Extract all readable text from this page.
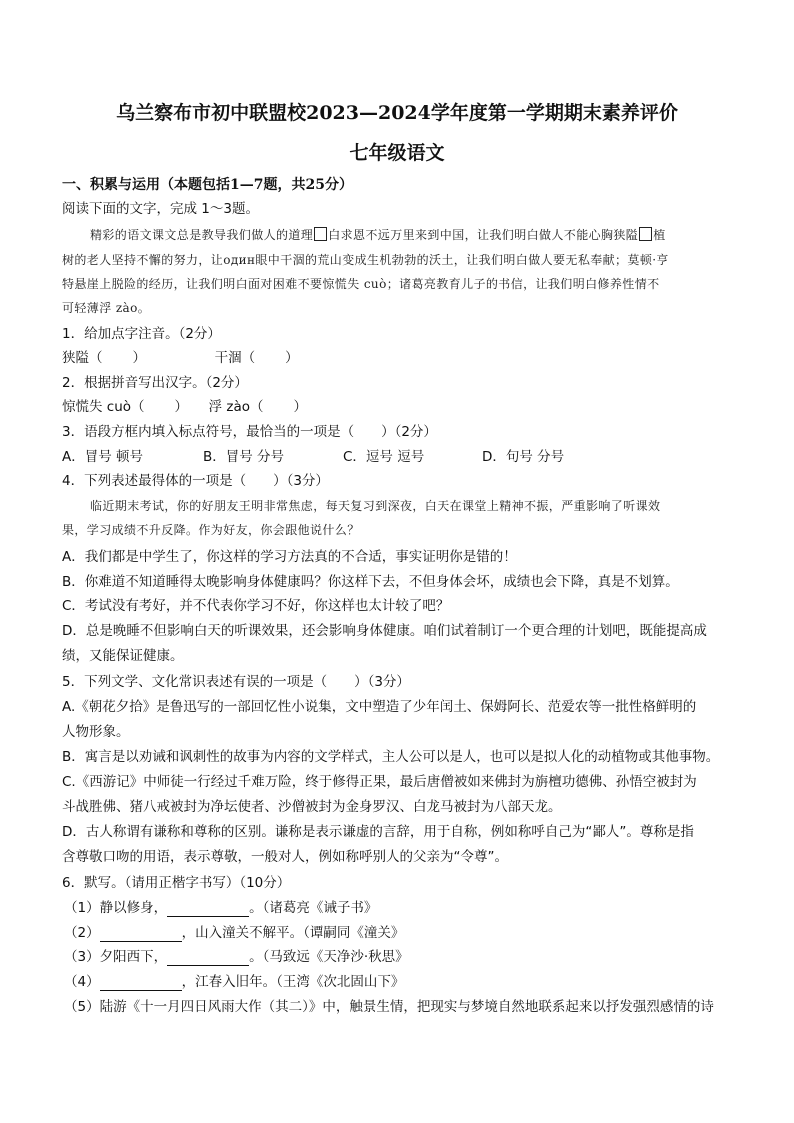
乌兰察布市初中联盟校2023—2024学年度第一学期期末素养评价
七年级语文
一、积累与运用（本题包括1—7题，共25分）
阅读下面的文字，完成 1～3题。
精彩的语文课文总是教导我们做人的道理 白求恩不远万里来到中国，让我们明白做人不能心胸狭隘 植
树的老人坚持不懈的努力，让один眼中干涸的荒山变成生机勃勃的沃土，让我们明白做人要无私奉献；莫顿·亨
特悬崖上脱险的经历，让我们明白面对困难不要惊慌失 cuò；诸葛亮教育儿子的书信，让我们明白修养性情不
可轻薄浮 zào。
1．给加点字注音。（2分）
狭隘（ ）	干涸（ ）
2．根据拼音写出汉字。（2分）
惊慌失 cuò（ ） 浮 zào（ ）
3．语段方框内填入标点符号，最恰当的一项是（　　）（2分）
A．冒号 顿号	B．冒号 分号	C．逗号 逗号	D．句号 分号
4．下列表述最得体的一项是（　　）（3分）
临近期末考试，你的好朋友王明非常焦虑，每天复习到深夜，白天在课堂上精神不振，严重影响了听课效
果，学习成绩不升反降。作为好友，你会跟他说什么？
A．我们都是中学生了，你这样的学习方法真的不合适，事实证明你是错的！
B．你难道不知道睡得太晚影响身体健康吗？你这样下去，不但身体会坏，成绩也会下降，真是不划算。
C．考试没有考好，并不代表你学习不好，你这样也太计较了吧？
D．总是晚睡不但影响白天的听课效果，还会影响身体健康。咱们试着制订一个更合理的计划吧，既能提高成
绩，又能保证健康。
5．下列文学、文化常识表述有误的一项是（　　）（3分）
A.《朝花夕拾》是鲁迅写的一部回忆性小说集，文中塑造了少年闰土、保姆阿长、范爱农等一批性格鲜明的
人物形象。
B．寓言是以劝诫和讽刺性的故事为内容的文学样式，主人公可以是人，也可以是拟人化的动植物或其他事物。
C.《西游记》中师徒一行经过千难万险，终于修得正果，最后唐僧被如来佛封为旃檀功德佛、孙悟空被封为
斗战胜佛、猪八戒被封为净坛使者、沙僧被封为金身罗汉、白龙马被封为八部天龙。
D．古人称谓有谦称和尊称的区别。谦称是表示谦虚的言辞，用于自称，例如称呼自己为“鄙人”。尊称是指
含尊敬口吻的用语，表示尊敬，一般对人，例如称呼别人的父亲为“令尊”。
6．默写。（请用正楷字书写）（10分）
（1）静以修身，	。（诸葛亮《诫子书》
（2）	，山入潼关不解平。（谭嗣同《潼关》
（3）夕阳西下，	。（马致远《天净沙·秋思》
（4）	，江春入旧年。（王湾《次北固山下》
（5）陆游《十一月四日风雨大作（其二）》中，触景生情，把现实与梦境自然地联系起来以抒发强烈感情的诗
